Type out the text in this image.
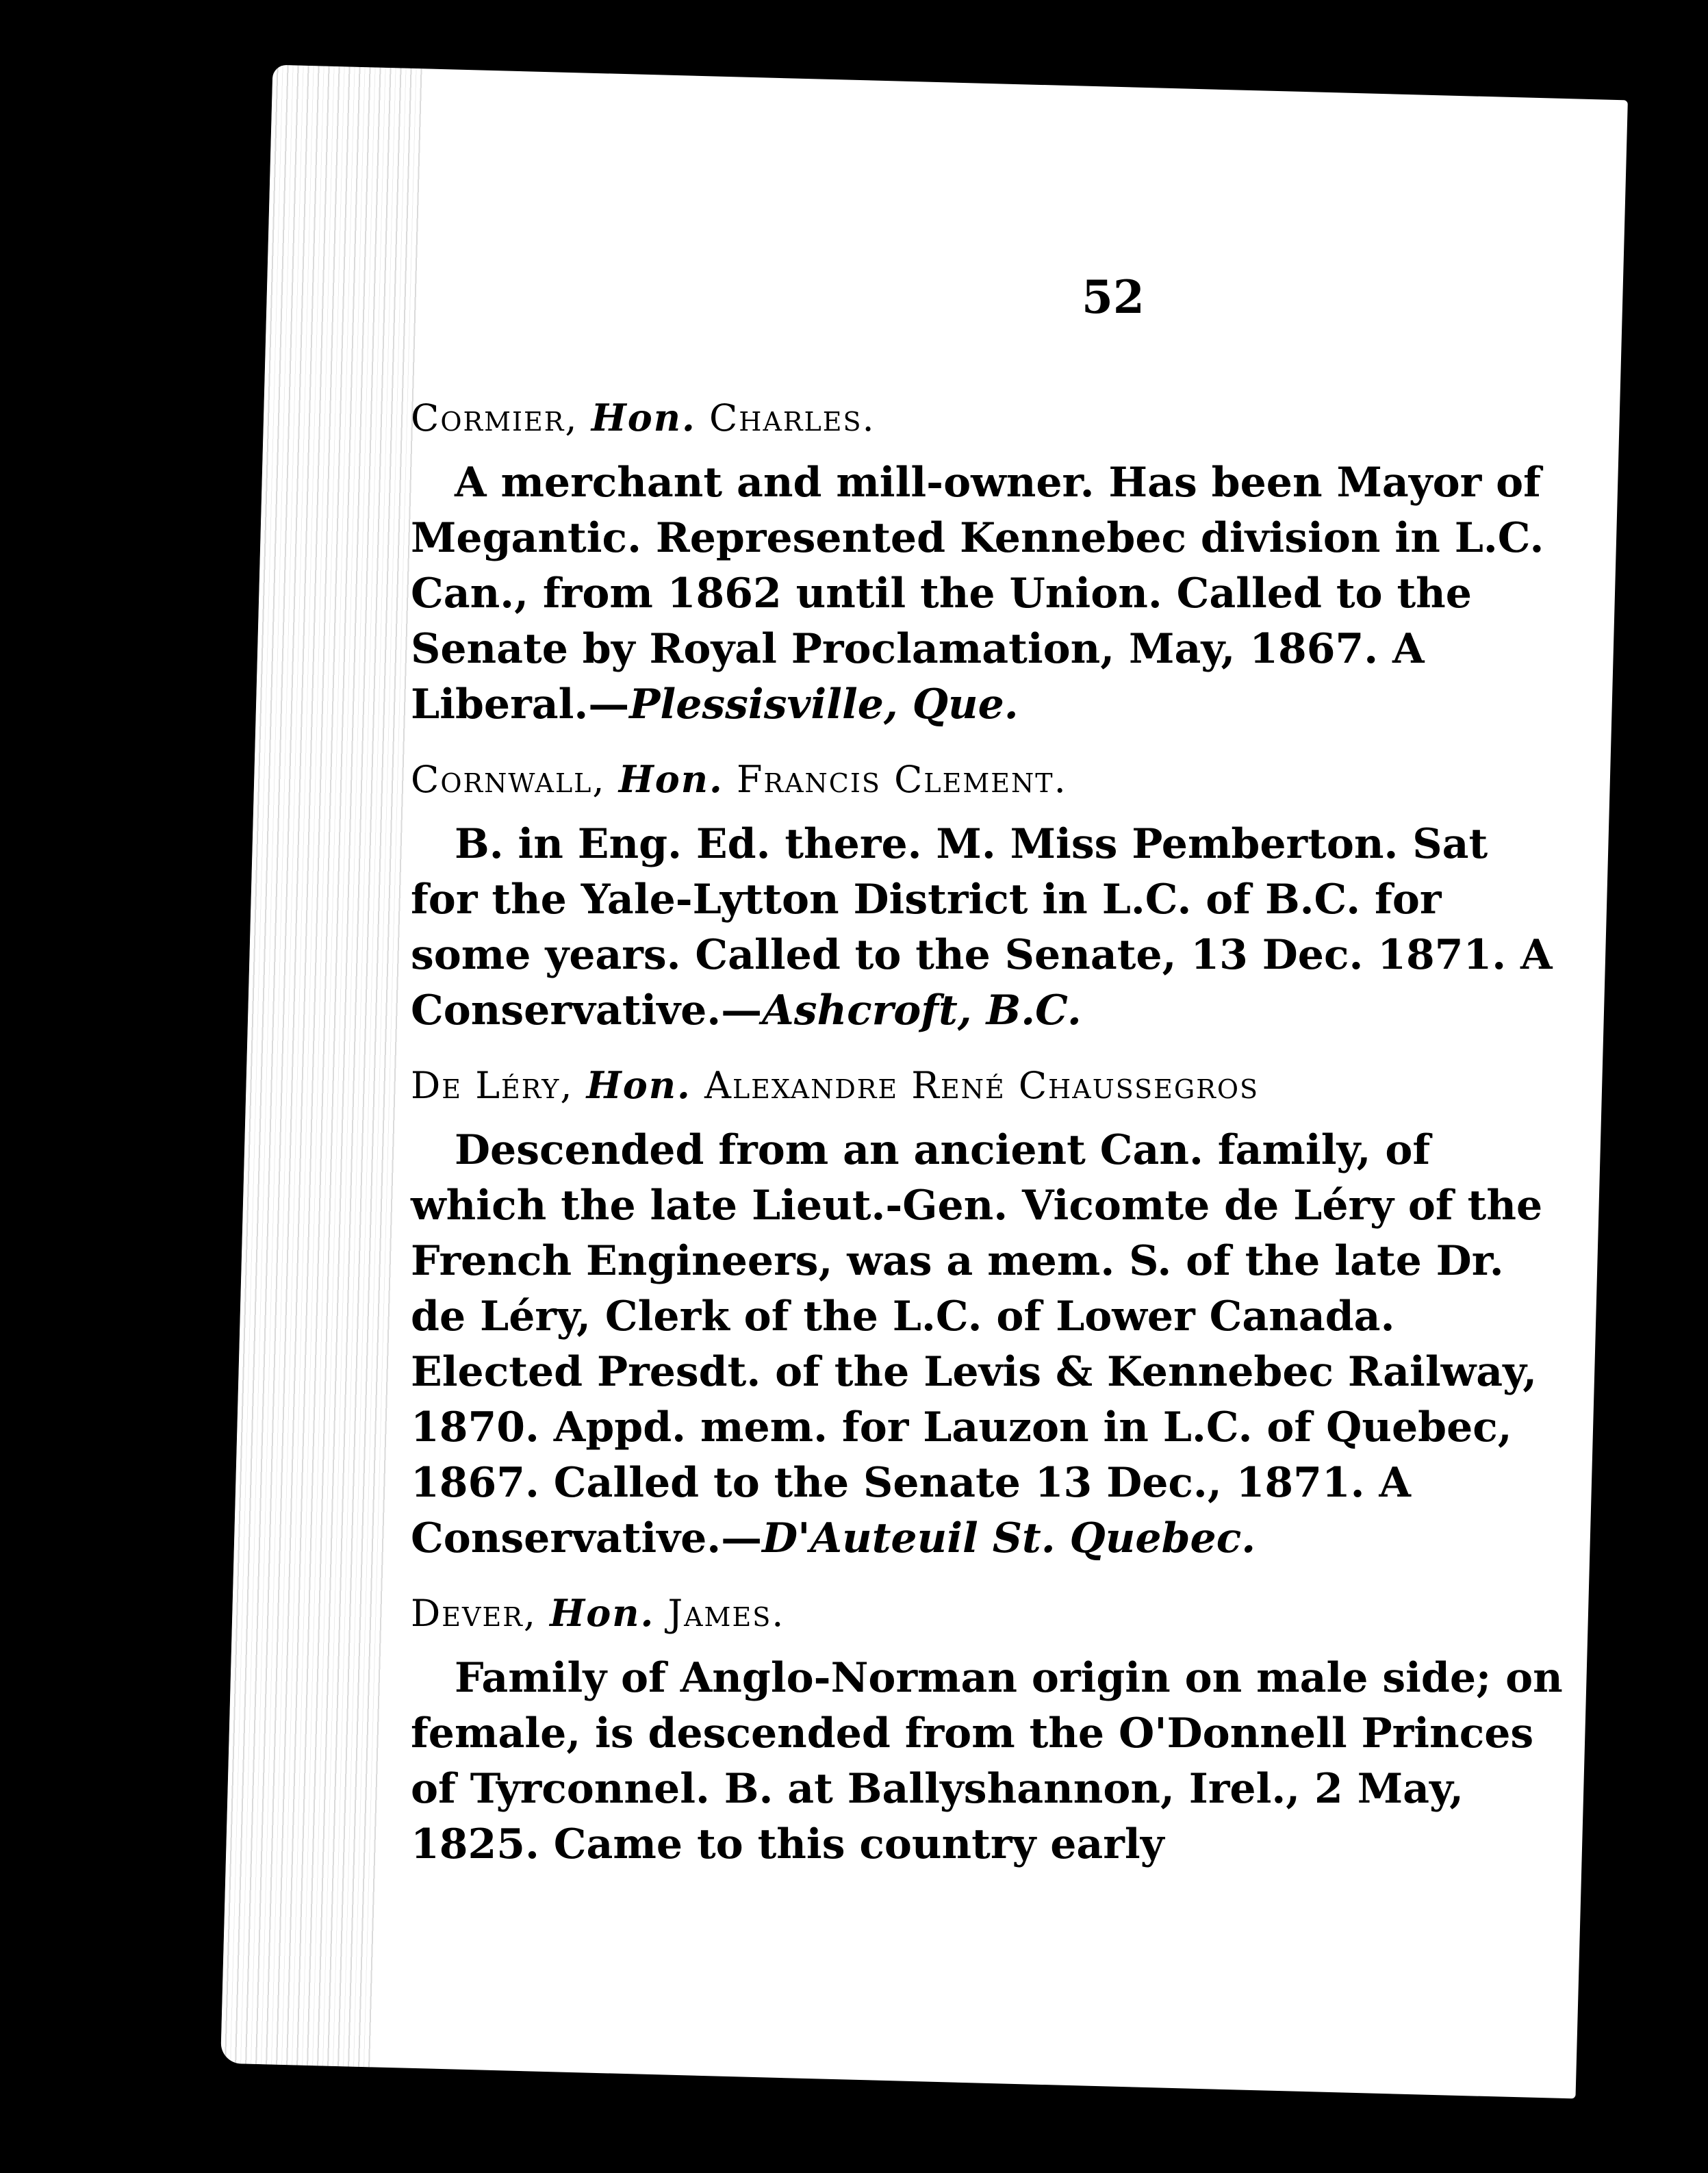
52

Cormier, Hon. Charles.

A merchant and mill-owner. Has been Mayor of Megantic. Represented Kennebec division in L.C. Can., from 1862 until the Union. Called to the Senate by Royal Proclamation, May, 1867. A Liberal.—Plessisville, Que.

Cornwall, Hon. Francis Clement.

B. in Eng. Ed. there. M. Miss Pemberton. Sat for the Yale-Lytton District in L.C. of B.C. for some years. Called to the Senate, 13 Dec. 1871. A Conservative.—Ashcroft, B.C.

De Léry, Hon. Alexandre René Chaussegros

Descended from an ancient Can. family, of which the late Lieut.-Gen. Vicomte de Léry of the French Engineers, was a mem. S. of the late Dr. de Léry, Clerk of the L.C. of Lower Canada. Elected Presdt. of the Levis & Kennebec Railway, 1870. Appd. mem. for Lauzon in L.C. of Quebec, 1867. Called to the Senate 13 Dec., 1871. A Conservative.—D'Auteuil St. Quebec.

Dever, Hon. James.

Family of Anglo-Norman origin on male side; on female, is descended from the O'Donnell Princes of Tyrconnel. B. at Ballyshannon, Irel., 2 May, 1825. Came to this country early
